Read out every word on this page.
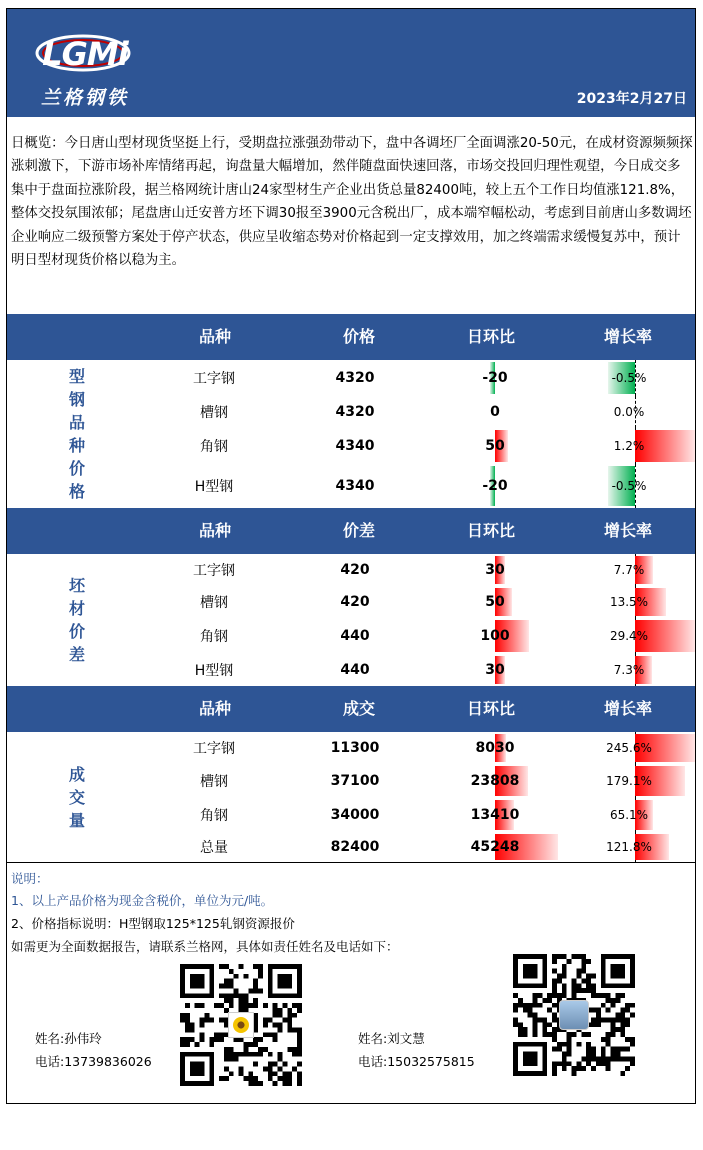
LGMi
兰格钢铁	2023年2月27日

日概览：今日唐山型材现货坚挺上行，受期盘拉涨强劲带动下，盘中各调坯厂全面调涨20-50元，在成材资源频频探涨刺激下，下游市场补库情绪再起，询盘量大幅增加，然伴随盘面快速回落，市场交投回归理性观望，今日成交多集中于盘面拉涨阶段，据兰格网统计唐山24家型材生产企业出货总量82400吨，较上五个工作日均值涨121.8%，整体交投氛围浓郁；尾盘唐山迁安普方坯下调30报至3900元含税出厂，成本端窄幅松动，考虑到目前唐山多数调坯企业响应二级预警方案处于停产状态，供应呈收缩态势对价格起到一定支撑效用，加之终端需求缓慢复苏中，预计明日型材现货价格以稳为主。

品种	价格	日环比	增长率
型钢品种价格
工字钢	4320	-20	-0.5%
槽钢	4320	0	0.0%
角钢	4340	50	1.2%
H型钢	4340	-20	-0.5%
品种	价差	日环比	增长率
坯材价差
工字钢	420	30	7.7%
槽钢	420	50	13.5%
角钢	440	100	29.4%
H型钢	440	30	7.3%
品种	成交	日环比	增长率
成交量
工字钢	11300	8030	245.6%
槽钢	37100	23808	179.1%
角钢	34000	13410	65.1%
总量	82400	45248	121.8%
说明：
1、以上产品价格为现金含税价，单位为元/吨。
2、价格指标说明：H型钢取125*125轧钢资源报价
如需更为全面数据报告，请联系兰格网，具体如责任姓名及电话如下：
姓名:孙伟玲
电话:13739836026
姓名:刘文慧
电话:15032575815
